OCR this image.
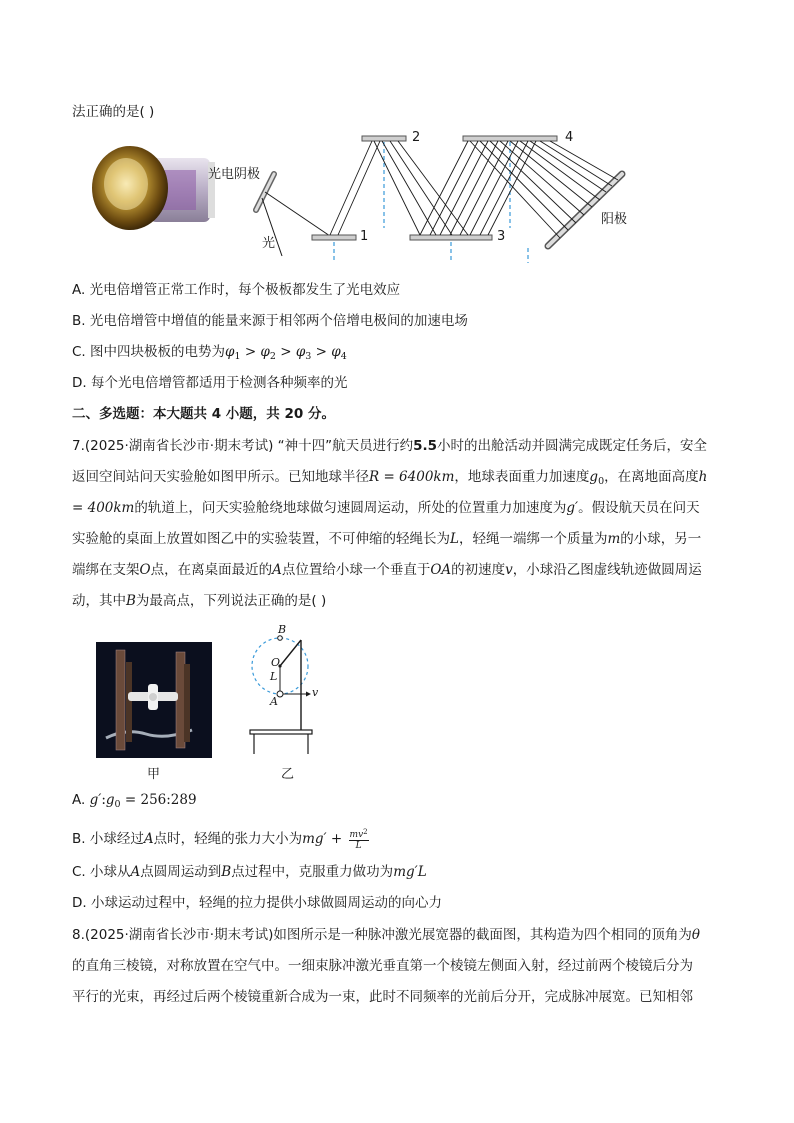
法正确的是( )
光电阴极
光
阳极
1
2
3
4
A. 光电倍增管正常工作时，每个极板都发生了光电效应
B. 光电倍增管中增值的能量来源于相邻两个倍增电极间的加速电场
C. 图中四块极板的电势为$\varphi_1 > \varphi_2 > \varphi_3 > \varphi_4$
D. 每个光电倍增管都适用于检测各种频率的光
二、多选题：本大题共 4 小题，共 20 分。
7.(2025·湖南省长沙市·期末考试) “神十四”航天员进行约5.5小时的出舱活动并圆满完成既定任务后，安全
返回空间站问天实验舱如图甲所示。已知地球半径R = 6400km，地球表面重力加速度$g_0$，在离地面高度h
= 400km的轨道上，问天实验舱绕地球做匀速圆周运动，所处的位置重力加速度为g′。假设航天员在问天
实验舱的桌面上放置如图乙中的实验装置，不可伸缩的轻绳长为L，轻绳一端绑一个质量为m的小球，另一
端绑在支架O点，在离桌面最近的A点位置给小球一个垂直于OA的初速度v，小球沿乙图虚线轨迹做圆周运
动，其中B为最高点，下列说法正确的是( )
B
O
L
A
v
甲	乙
A. $g':g_0$ = 256:289
B. 小球经过A点时，轻绳的张力大小为$mg' + \frac{mv^2}{L}$
C. 小球从A点圆周运动到B点过程中，克服重力做功为mg′L
D. 小球运动过程中，轻绳的拉力提供小球做圆周运动的向心力
8.(2025·湖南省长沙市·期末考试)如图所示是一种脉冲激光展宽器的截面图，其构造为四个相同的顶角为θ
的直角三棱镜，对称放置在空气中。一细束脉冲激光垂直第一个棱镜左侧面入射，经过前两个棱镜后分为
平行的光束，再经过后两个棱镜重新合成为一束，此时不同频率的光前后分开，完成脉冲展宽。已知相邻
